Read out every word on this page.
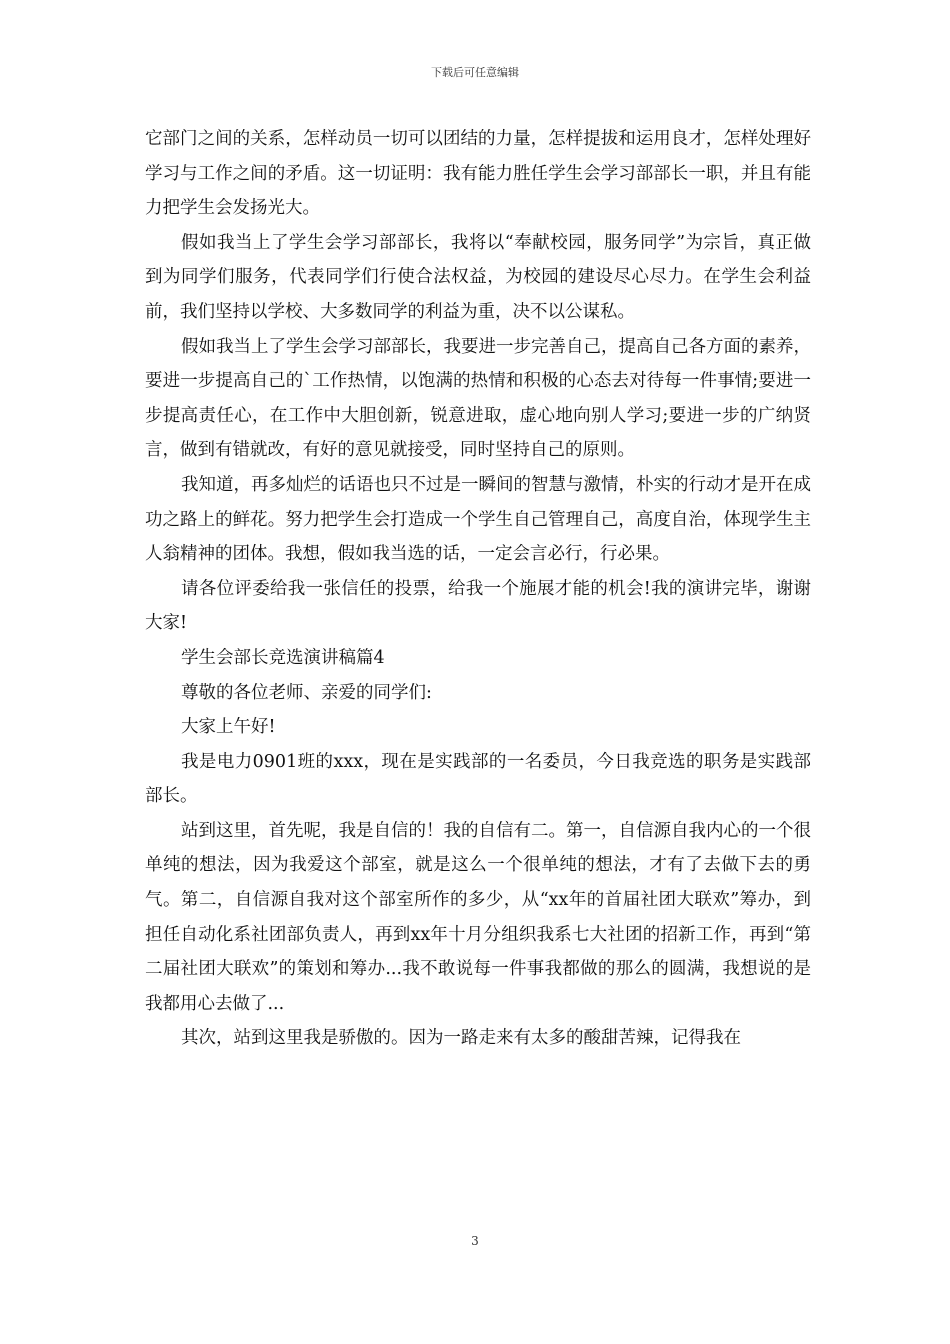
下载后可任意编辑

它部门之间的关系，怎样动员一切可以团结的力量，怎样提拔和运用良才，怎样处理好学习与工作之间的矛盾。这一切证明：我有能力胜任学生会学习部部长一职，并且有能力把学生会发扬光大。

假如我当上了学生会学习部部长，我将以“奉献校园，服务同学”为宗旨，真正做到为同学们服务，代表同学们行使合法权益，为校园的建设尽心尽力。在学生会利益前，我们坚持以学校、大多数同学的利益为重，决不以公谋私。

假如我当上了学生会学习部部长，我要进一步完善自己，提高自己各方面的素养，要进一步提高自己的`工作热情，以饱满的热情和积极的心态去对待每一件事情;要进一步提高责任心，在工作中大胆创新，锐意进取，虚心地向别人学习;要进一步的广纳贤言，做到有错就改，有好的意见就接受，同时坚持自己的原则。

我知道，再多灿烂的话语也只不过是一瞬间的智慧与激情，朴实的行动才是开在成功之路上的鲜花。努力把学生会打造成一个学生自己管理自己，高度自治，体现学生主人翁精神的团体。我想，假如我当选的话，一定会言必行，行必果。

请各位评委给我一张信任的投票，给我一个施展才能的机会!我的演讲完毕，谢谢大家!

学生会部长竞选演讲稿篇4

尊敬的各位老师、亲爱的同学们:

大家上午好!

我是电力0901班的xxx，现在是实践部的一名委员，今日我竞选的职务是实践部部长。

站到这里，首先呢，我是自信的！我的自信有二。第一，自信源自我内心的一个很单纯的想法，因为我爱这个部室，就是这么一个很单纯的想法，才有了去做下去的勇气。第二，自信源自我对这个部室所作的多少，从“xx年的首届社团大联欢”筹办，到担任自动化系社团部负责人，再到xx年十月分组织我系七大社团的招新工作，再到“第二届社团大联欢”的策划和筹办...我不敢说每一件事我都做的那么的圆满，我想说的是我都用心去做了...

其次，站到这里我是骄傲的。因为一路走来有太多的酸甜苦辣，记得我在

3
